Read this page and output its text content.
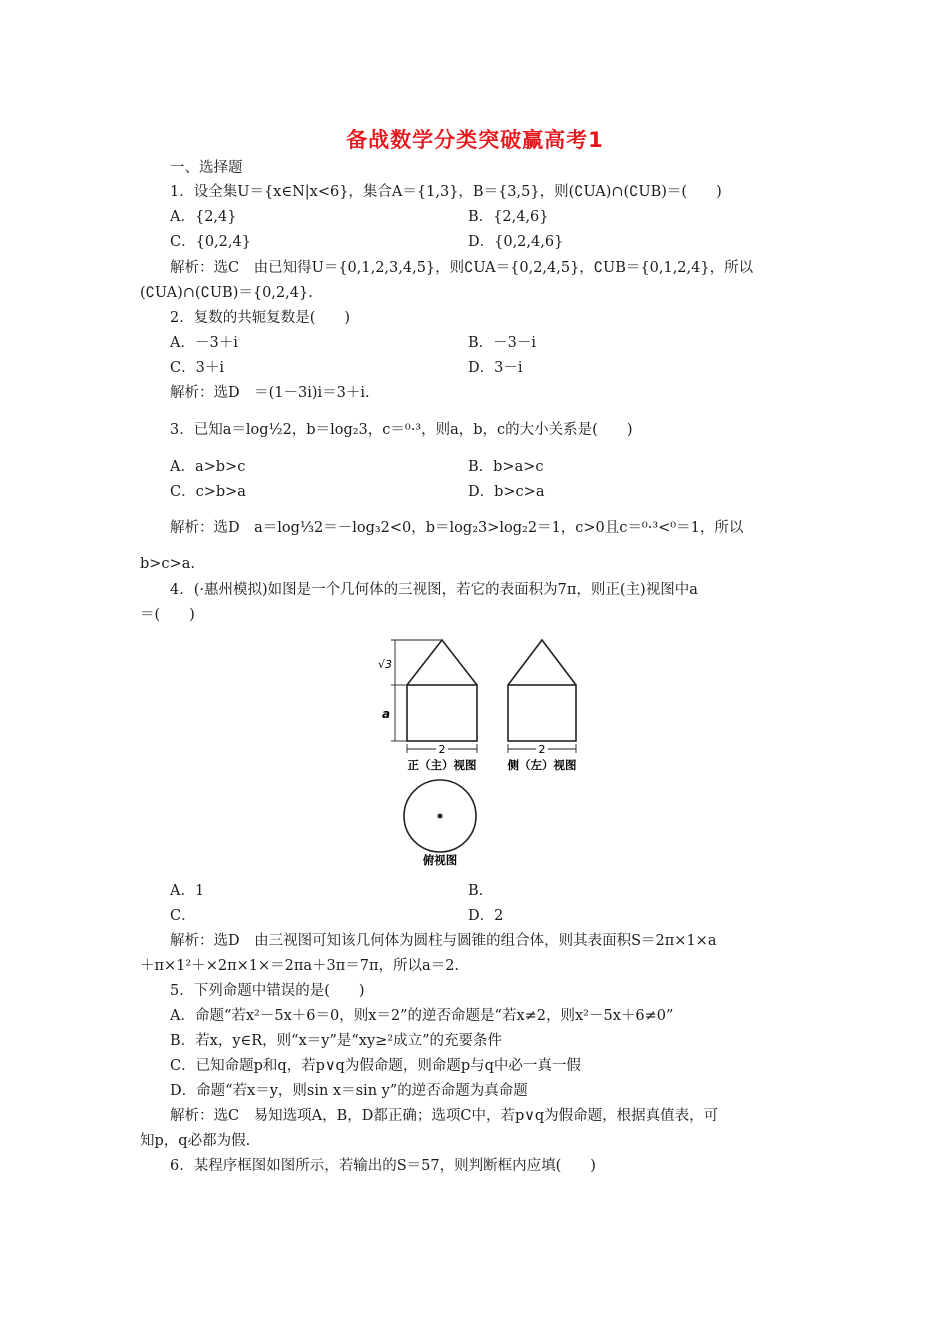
备战数学分类突破赢高考1
一、选择题
1．设全集U＝{x∈N|x<6}，集合A＝{1,3}，B＝{3,5}，则(∁UA)∩(∁UB)＝(　　)
A．{2,4}	B．{2,4,6}
C．{0,2,4}	D．{0,2,4,6}
解析：选C　由已知得U＝{0,1,2,3,4,5}，则∁UA＝{0,2,4,5}，∁UB＝{0,1,2,4}，所以
(∁UA)∩(∁UB)＝{0,2,4}.
2．复数的共轭复数是(　　)
A．－3＋i	B．－3－i
C．3＋i	D．3－i
解析：选D　＝(1－3i)i＝3＋i.
3．已知a＝log½2，b＝log₂3，c＝⁰·³，则a，b，c的大小关系是(　　)
A．a>b>c	B．b>a>c
C．c>b>a	D．b>c>a
解析：选D　a＝log⅓2＝－log₃2<0，b＝log₂3>log₂2＝1，c>0且c＝⁰·³<⁰＝1，所以
b>c>a.
4．(·惠州模拟)如图是一个几何体的三视图，若它的表面积为7π，则正(主)视图中a
＝(　　)
√3
a
2	2
正（主）视图	侧（左）视图
俯视图
A．1	B．
C．	D．2
解析：选D　由三视图可知该几何体为圆柱与圆锥的组合体，则其表面积S＝2π×1×a
＋π×1²＋×2π×1×＝2πa＋3π＝7π，所以a＝2.
5．下列命题中错误的是(　　)
A．命题“若x²－5x＋6＝0，则x＝2”的逆否命题是“若x≠2，则x²－5x＋6≠0”
B．若x，y∈R，则“x＝y”是“xy≥²成立”的充要条件
C．已知命题p和q，若p∨q为假命题，则命题p与q中必一真一假
D．命题“若x＝y，则sin x＝sin y”的逆否命题为真命题
解析：选C　易知选项A，B，D都正确；选项C中，若p∨q为假命题，根据真值表，可
知p，q必都为假.
6．某程序框图如图所示，若输出的S＝57，则判断框内应填(　　)
